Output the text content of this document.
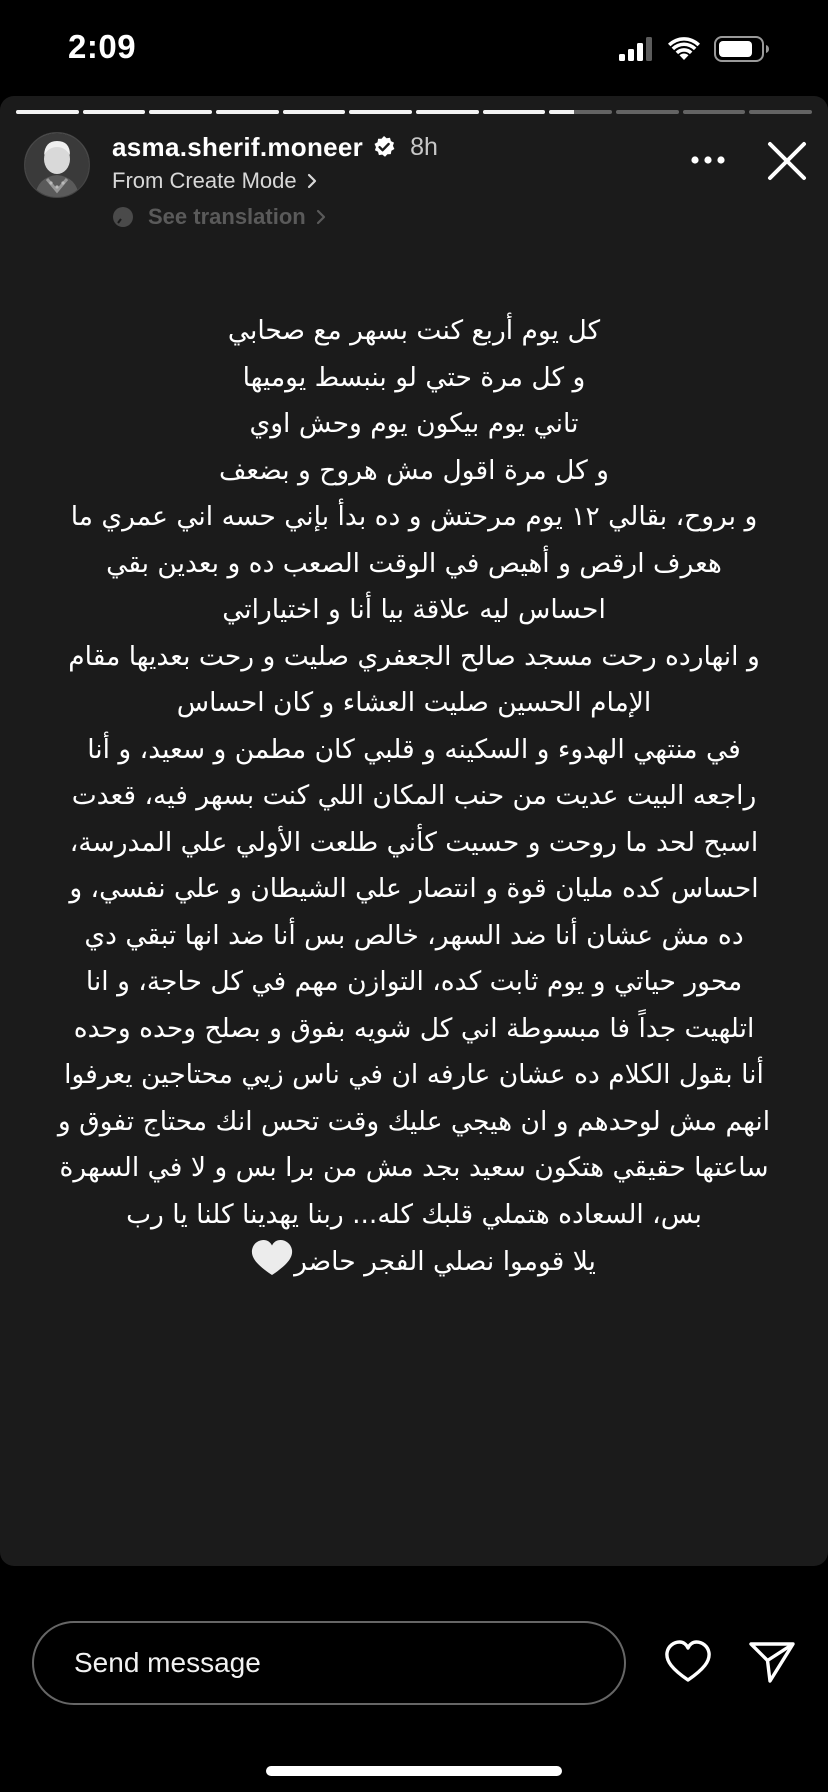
2:09
asma.sherif.moneer 8h
From Create Mode
See translation
كل يوم أربع كنت بسهر مع صحابي
و كل مرة حتي لو بنبسط يوميها
تاني يوم بيكون يوم وحش اوي
و كل مرة اقول مش هروح و بضعف
و بروح، بقالي ١٢ يوم مرحتش و ده بدأ بإني حسه اني عمري ما
هعرف ارقص و أهيص في الوقت الصعب ده و بعدين بقي
احساس ليه علاقة بيا أنا و اختياراتي
و انهارده رحت مسجد صالح الجعفري صليت و رحت بعديها مقام
الإمام الحسين صليت العشاء و كان احساس
في منتهي الهدوء و السكينه و قلبي كان مطمن و سعيد، و أنا
راجعه البيت عديت من حنب المكان اللي كنت بسهر فيه، قعدت
اسبح لحد ما روحت و حسيت كأني طلعت الأولي علي المدرسة،
احساس كده مليان قوة و انتصار علي الشيطان و علي نفسي، و
ده مش عشان أنا ضد السهر، خالص بس أنا ضد انها تبقي دي
محور حياتي و يوم ثابت كده، التوازن مهم في كل حاجة، و انا
اتلهيت جداً فا مبسوطة اني كل شويه بفوق و بصلح وحده وحده
أنا بقول الكلام ده عشان عارفه ان في ناس زيي محتاجين يعرفوا
انهم مش لوحدهم و ان هيجي عليك وقت تحس انك محتاج تفوق و
ساعتها حقيقي هتكون سعيد بجد مش من برا بس و لا في السهرة
بس، السعاده هتملي قلبك كله... ربنا يهدينا كلنا يا رب
يلا قوموا نصلي الفجر حاضر
Send message
